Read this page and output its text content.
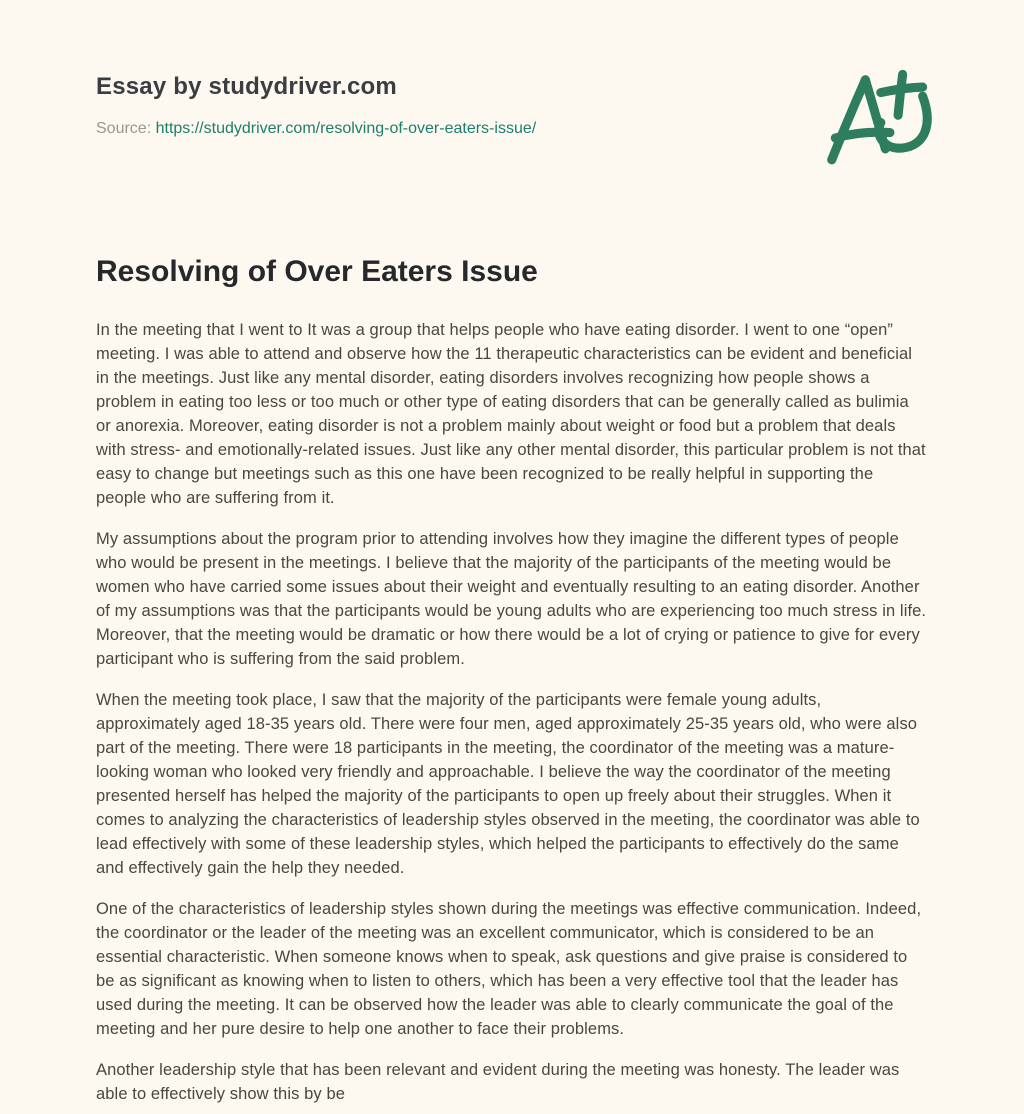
Essay by studydriver.com

Source: https://studydriver.com/resolving-of-over-eaters-issue/

Resolving of Over Eaters Issue

In the meeting that I went to It was a group that helps people who have eating disorder. I went to one “open” meeting. I was able to attend and observe how the 11 therapeutic characteristics can be evident and beneficial in the meetings. Just like any mental disorder, eating disorders involves recognizing how people shows a problem in eating too less or too much or other type of eating disorders that can be generally called as bulimia or anorexia. Moreover, eating disorder is not a problem mainly about weight or food but a problem that deals with stress- and emotionally-related issues. Just like any other mental disorder, this particular problem is not that easy to change but meetings such as this one have been recognized to be really helpful in supporting the people who are suffering from it.

My assumptions about the program prior to attending involves how they imagine the different types of people who would be present in the meetings. I believe that the majority of the participants of the meeting would be women who have carried some issues about their weight and eventually resulting to an eating disorder. Another of my assumptions was that the participants would be young adults who are experiencing too much stress in life. Moreover, that the meeting would be dramatic or how there would be a lot of crying or patience to give for every participant who is suffering from the said problem.

When the meeting took place, I saw that the majority of the participants were female young adults, approximately aged 18-35 years old. There were four men, aged approximately 25-35 years old, who were also part of the meeting. There were 18 participants in the meeting, the coordinator of the meeting was a mature-looking woman who looked very friendly and approachable. I believe the way the coordinator of the meeting presented herself has helped the majority of the participants to open up freely about their struggles. When it comes to analyzing the characteristics of leadership styles observed in the meeting, the coordinator was able to lead effectively with some of these leadership styles, which helped the participants to effectively do the same and effectively gain the help they needed.

One of the characteristics of leadership styles shown during the meetings was effective communication. Indeed, the coordinator or the leader of the meeting was an excellent communicator, which is considered to be an essential characteristic. When someone knows when to speak, ask questions and give praise is considered to be as significant as knowing when to listen to others, which has been a very effective tool that the leader has used during the meeting. It can be observed how the leader was able to clearly communicate the goal of the meeting and her pure desire to help one another to face their problems.

Another leadership style that has been relevant and evident during the meeting was honesty. The leader was able to effectively show this by be
